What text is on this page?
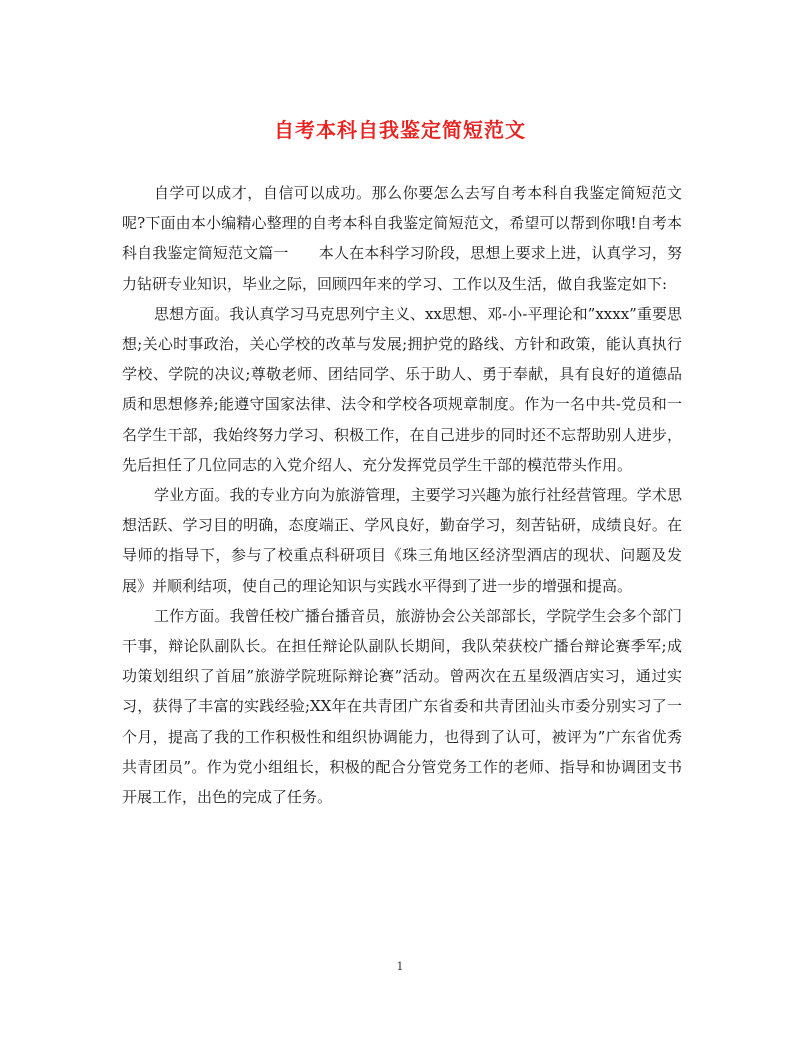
自考本科自我鉴定简短范文

自学可以成才，自信可以成功。那么你要怎么去写自考本科自我鉴定简短范文呢?下面由本小编精心整理的自考本科自我鉴定简短范文，希望可以帮到你哦!自考本科自我鉴定简短范文篇一　　本人在本科学习阶段，思想上要求上进，认真学习，努力钻研专业知识，毕业之际，回顾四年来的学习、工作以及生活，做自我鉴定如下:

思想方面。我认真学习马克思列宁主义、xx思想、邓-小-平理论和”xxxx”重要思想;关心时事政治，关心学校的改革与发展;拥护党的路线、方针和政策，能认真执行学校、学院的决议;尊敬老师、团结同学、乐于助人、勇于奉献，具有良好的道德品质和思想修养;能遵守国家法律、法令和学校各项规章制度。作为一名中共-党员和一名学生干部，我始终努力学习、积极工作，在自己进步的同时还不忘帮助别人进步，先后担任了几位同志的入党介绍人、充分发挥党员学生干部的模范带头作用。

学业方面。我的专业方向为旅游管理，主要学习兴趣为旅行社经营管理。学术思想活跃、学习目的明确，态度端正、学风良好，勤奋学习，刻苦钻研，成绩良好。在导师的指导下，参与了校重点科研项目《珠三角地区经济型酒店的现状、问题及发展》并顺利结项，使自己的理论知识与实践水平得到了进一步的增强和提高。

工作方面。我曾任校广播台播音员，旅游协会公关部部长，学院学生会多个部门干事，辩论队副队长。在担任辩论队副队长期间，我队荣获校广播台辩论赛季军;成功策划组织了首届”旅游学院班际辩论赛”活动。曾两次在五星级酒店实习，通过实习，获得了丰富的实践经验;XX年在共青团广东省委和共青团汕头市委分别实习了一个月，提高了我的工作积极性和组织协调能力，也得到了认可，被评为”广东省优秀共青团员”。作为党小组组长，积极的配合分管党务工作的老师、指导和协调团支书开展工作，出色的完成了任务。

1
